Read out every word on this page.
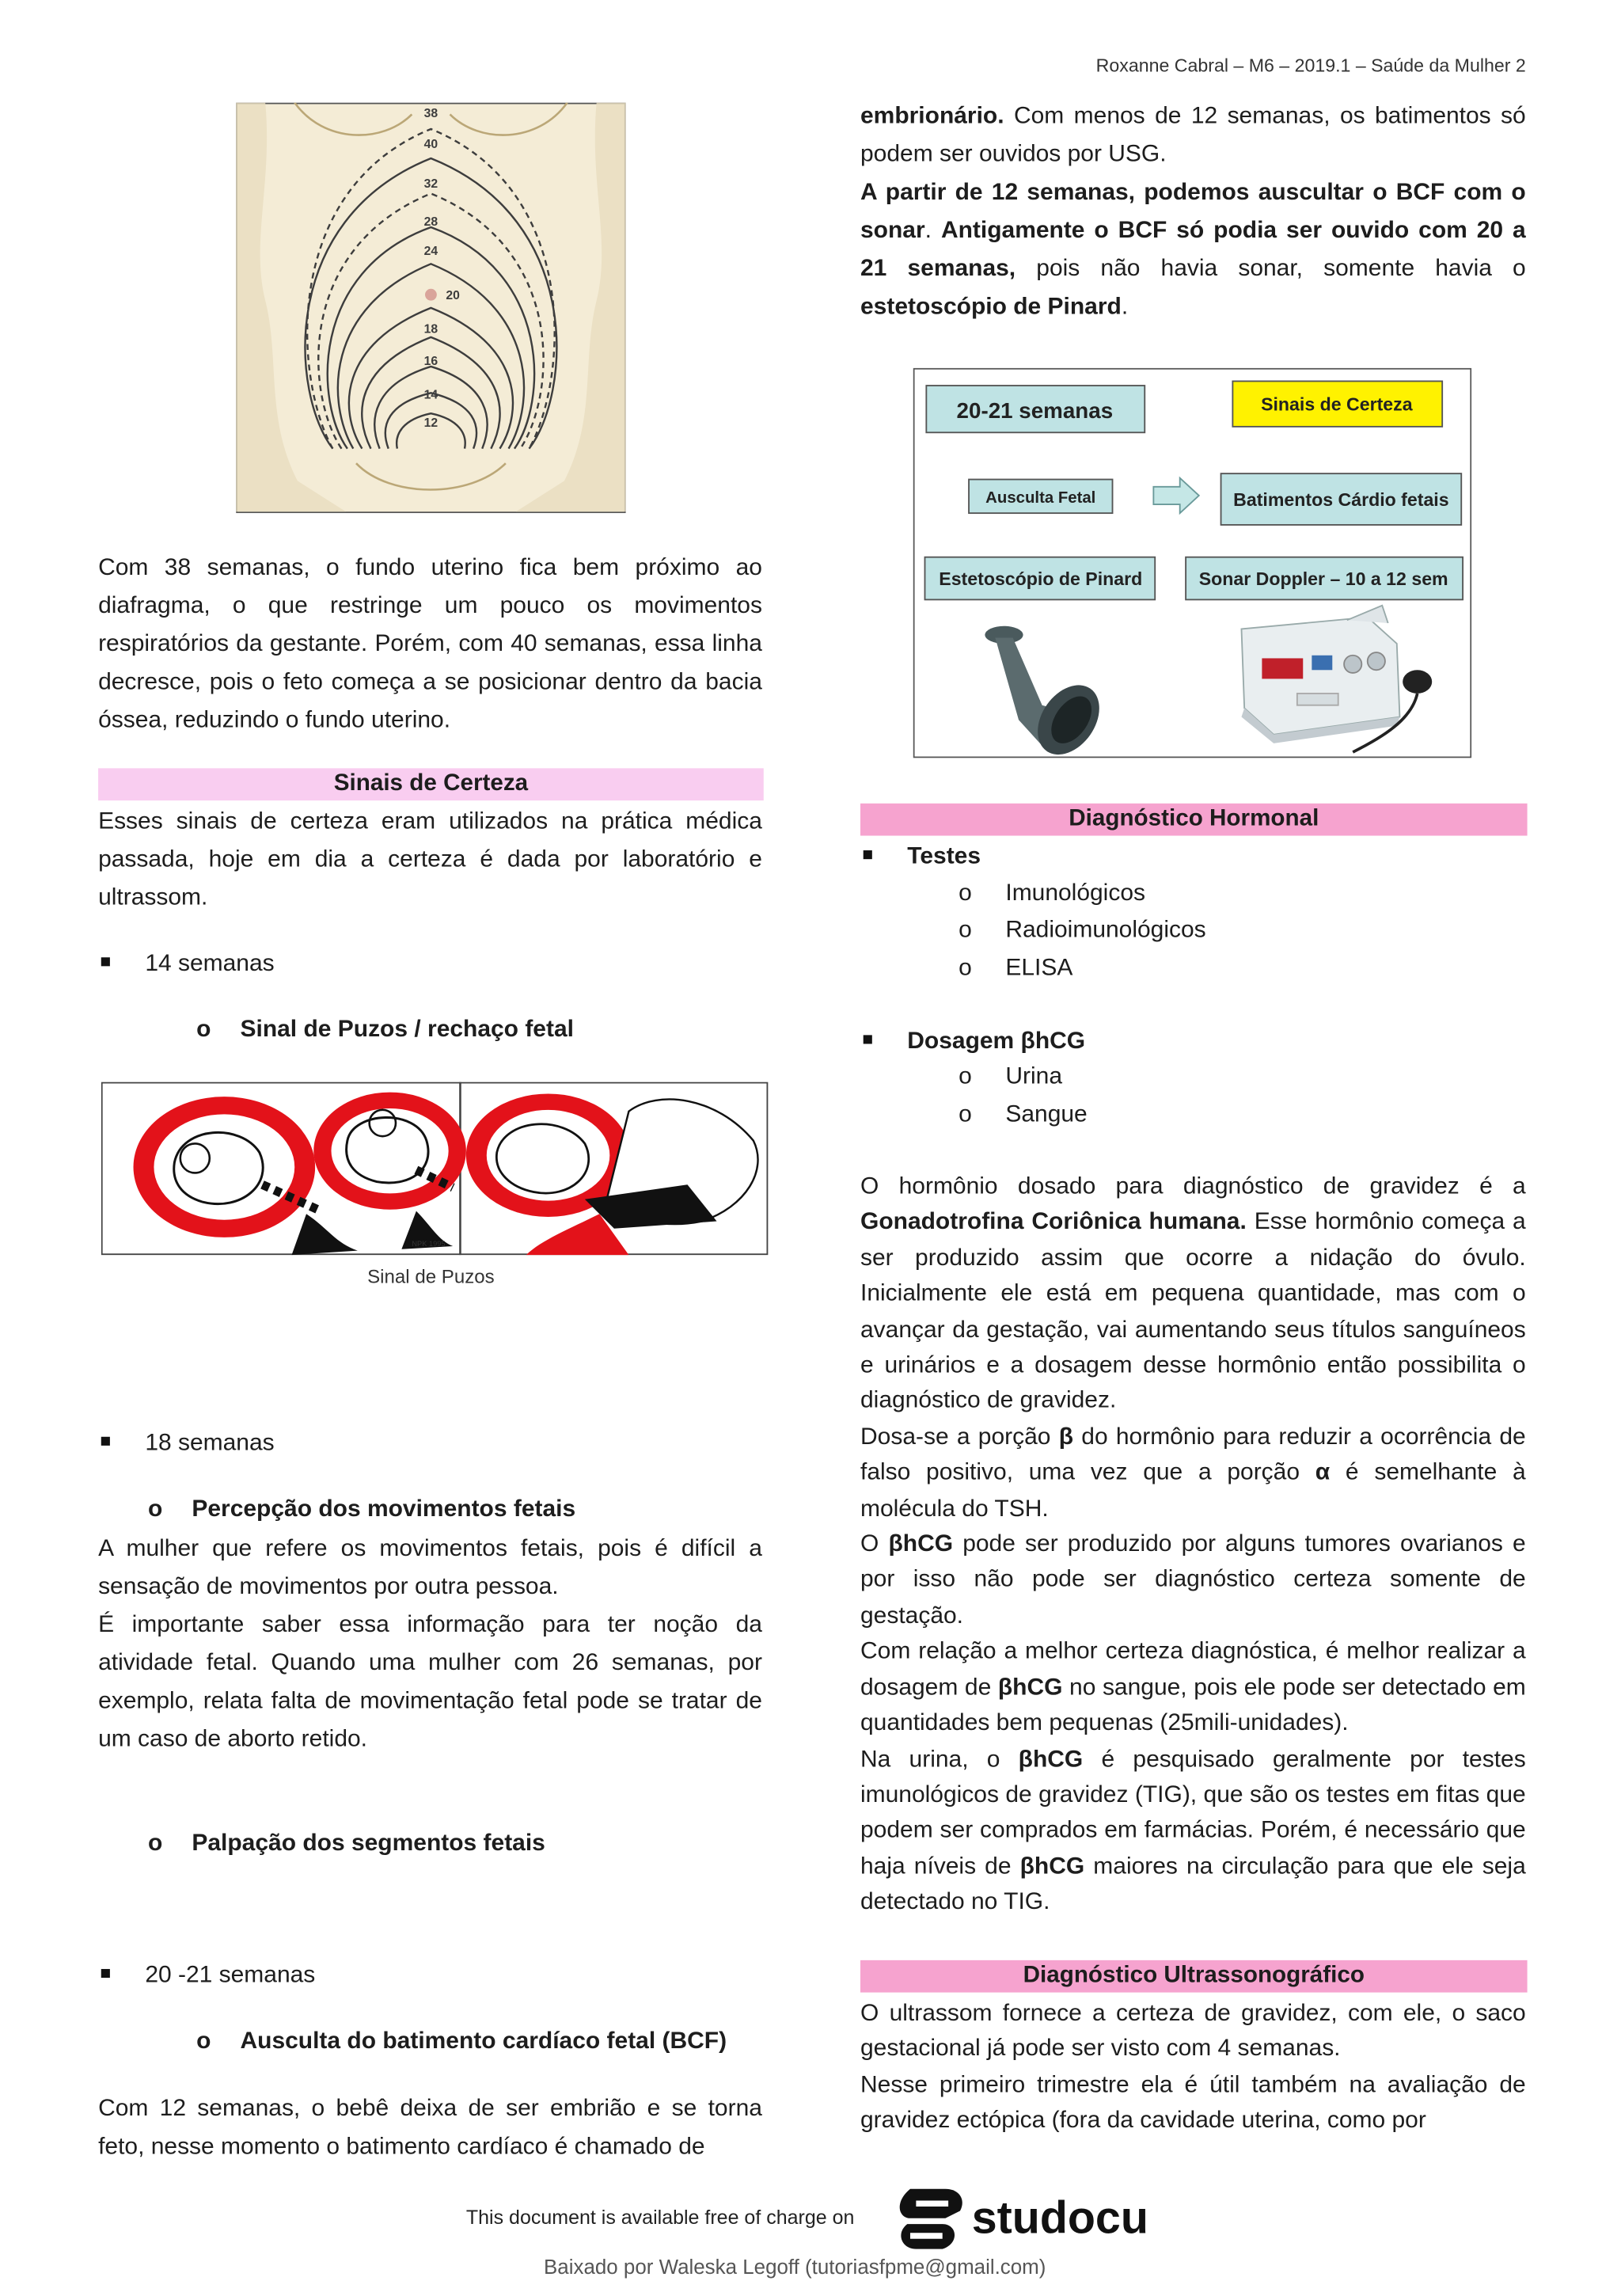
Roxanne Cabral – M6 – 2019.1 – Saúde da Mulher 2
38
40
32
28
24
20
18
16
14
12
Com 38 semanas, o fundo uterino fica bem próximo ao diafragma, o que restringe um pouco os movimentos respiratórios da gestante. Porém, com 40 semanas, essa linha decresce, pois o feto começa a se posicionar dentro da bacia óssea, reduzindo o fundo uterino.
Sinais de Certeza
Esses sinais de certeza eram utilizados na prática médica passada, hoje em dia a certeza é dada por laboratório e ultrassom.
14 semanas
o Sinal de Puzos / rechaço fetal
NPK 1995
Sinal de Puzos
18 semanas
o Percepção dos movimentos fetais

A mulher que refere os movimentos fetais, pois é difícil a sensação de movimentos por outra pessoa.

É importante saber essa informação para ter noção da atividade fetal. Quando uma mulher com 26 semanas, por exemplo, relata falta de movimentação fetal pode se tratar de um caso de aborto retido.

o Palpação dos segmentos fetais
20 -21 semanas
o Ausculta do batimento cardíaco fetal (BCF)
Com 12 semanas, o bebê deixa de ser embrião e se torna feto, nesse momento o batimento cardíaco é chamado de

embrionário. Com menos de 12 semanas, os batimentos só podem ser ouvidos por USG.

A partir de 12 semanas, podemos auscultar o BCF com o sonar. Antigamente o BCF só podia ser ouvido com 20 a 21 semanas, pois não havia sonar, somente havia o estetoscópio de Pinard.

20-21 semanas	Sinais de Certeza
Ausculta Fetal	Batimentos Cárdio fetais
Estetoscópio de Pinard	Sonar Doppler – 10 a 12 sem
Diagnóstico Hormonal
Testes
o	Imunológicos
o	Radioimunológicos
o	ELISA
Dosagem βhCG
o	Urina
o	Sangue

O hormônio dosado para diagnóstico de gravidez é a Gonadotrofina Coriônica humana. Esse hormônio começa a ser produzido assim que ocorre a nidação do óvulo. Inicialmente ele está em pequena quantidade, mas com o avançar da gestação, vai aumentando seus títulos sanguíneos e urinários e a dosagem desse hormônio então possibilita o diagnóstico de gravidez.

Dosa-se a porção β do hormônio para reduzir a ocorrência de falso positivo, uma vez que a porção α é semelhante à molécula do TSH.

O βhCG pode ser produzido por alguns tumores ovarianos e por isso não pode ser diagnóstico certeza somente de gestação.

Com relação a melhor certeza diagnóstica, é melhor realizar a dosagem de βhCG no sangue, pois ele pode ser detectado em quantidades bem pequenas (25mili-unidades).

Na urina, o βhCG é pesquisado geralmente por testes imunológicos de gravidez (TIG), que são os testes em fitas que podem ser comprados em farmácias. Porém, é necessário que haja níveis de βhCG maiores na circulação para que ele seja detectado no TIG.

Diagnóstico Ultrassonográfico

O ultrassom fornece a certeza de gravidez, com ele, o saco gestacional já pode ser visto com 4 semanas.

Nesse primeiro trimestre ela é útil também na avaliação de gravidez ectópica (fora da cavidade uterina, como por

This document is available free of charge on	studocu
Baixado por Waleska Legoff (tutoriasfpme@gmail.com)
